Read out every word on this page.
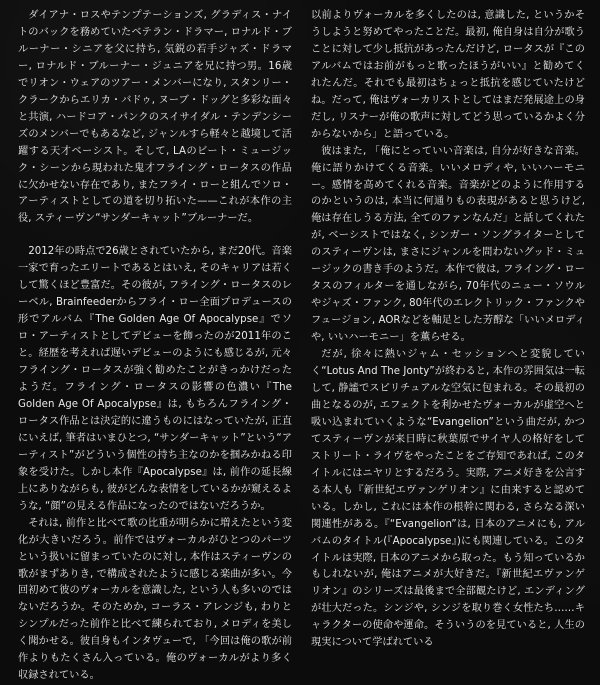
ダイアナ・ロスやテンプテーションズ, グラディス・ナイトのバックを務めていたベテラン・ドラマー, ロナルド・ブルーナー・シニアを父に持ち, 気鋭の若手ジャズ・ドラマー, ロナルド・ブルーナー・ジュニアを兄に持つ男。16歳でリオン・ウェアのツアー・メンバーになり, スタンリー・クラークからエリカ・バドゥ, ヌーブ・ドッグと多彩な面々と共演, ハードコア・パンクのスイサイダル・テンデンシーズのメンバーでもあるなど, ジャンルすら軽々と越境して活躍する天才ベーシスト。そして, LAのビート・ミュージック・シーンから現われた鬼才フライング・ロータスの作品に欠かせない存在であり, またフライ・ローと組んでソロ・アーティストとしての道を切り拓いた——これが本作の主役, スティーヴン“サンダーキャット”ブルーナーだ。

2012年の時点で26歳とされていたから, まだ20代。音楽一家で育ったエリートであるとはいえ, そのキャリアは若くして驚くほど豊富だ。その彼が, フライング・ロータスのレーベル, Brainfeederからフライ・ロー全面プロデュースの形でアルバム『The Golden Age Of Apocalypse』でソロ・アーティストとしてデビューを飾ったのが2011年のこと。経歴を考えれば遅いデビューのようにも感じるが, 元々フライング・ロータスが強く勧めたことがきっかけだったようだ。フライング・ロータスの影響の色濃い『The Golden Age Of Apocalypse』は, もちろんフライング・ロータス作品とは決定的に違うものにはなっていたが, 正直にいえば, 筆者はいまひとつ, “サンダーキャット”という“アーティスト”がどういう個性の持ち主なのかを掴みかねる印象を受けた。しかし本作『Apocalypse』は, 前作の延長線上にありながらも, 彼がどんな表情をしているかが窺えるような, “顔”の見える作品になったのではないだろうか。

それは, 前作と比べて歌の比重が明らかに増えたという変化が大きいだろう。前作ではヴォーカルがひとつのパーツという扱いに留まっていたのに対し, 本作はスティーヴンの歌がまずありき, で構成されたように感じる楽曲が多い。今回初めて彼のヴォーカルを意識した, という人も多いのではないだろうか。そのためか, コーラス・アレンジも, わりとシンプルだった前作と比べて練られており, メロディを美しく聞かせる。彼自身もインタヴューで, 「今回は俺の歌が前作よりもたくさん入っている。俺のヴォーカルがより多く収録されている。

以前よりヴォーカルを多くしたのは, 意識した, というかそうしようと努めてやったことだ。最初, 俺自身は自分が歌うことに対して少し抵抗があったんだけど, ロータスが『このアルバムではお前がもっと歌ったほうがいい』と勧めてくれたんだ。それでも最初はちょっと抵抗を感じていたけどね。だって, 俺はヴォーカリストとしてはまだ発展途上の身だし, リスナーが俺の歌声に対してどう思っているかよく分からないから」と語っている。

彼はまた, 「俺にとっていい音楽は, 自分が好きな音楽。俺に語りかけてくる音楽。いいメロディや, いいハーモニー。感情を高めてくれる音楽。音楽がどのように作用するのかというのは, 本当に何通りもの表現があると思うけど, 俺は存在しうる方法, 全てのファンなんだ」と話してくれたが, ベーシストではなく, シンガー・ソングライターとしてのスティーヴンは, まさにジャンルを問わないグッド・ミュージックの書き手のようだ。本作で彼は, フライング・ロータスのフィルターを通しながら, 70年代のニュー・ソウルやジャズ・ファンク, 80年代のエレクトリック・ファンクやフュージョン, AORなどを軸足とした芳醇な「いいメロディや, いいハーモニー」を薫らせる。

だが, 徐々に熱いジャム・セッションへと変貌していく“Lotus And The Jonty”が終わると, 本作の雰囲気は一転して, 静謐でスピリチュアルな空気に包まれる。その最初の曲となるのが, エフェクトを利かせたヴォーカルが虚空へと吸い込まれていくような“Evangelion”という曲だが, かつてスティーヴンが来日時に秋葉原でサイヤ人の格好をしてストリート・ライヴをやったことをご存知であれば, このタイトルにはニヤリとするだろう。実際, アニメ好きを公言する本人も『新世紀エヴァンゲリオン』に由来すると認めている。しかし, これには本作の根幹に関わる, さらなる深い関連性がある。『“Evangelion”は, 日本のアニメにも, アルバムのタイトル(『Apocalypse』)にも関連している。このタイトルは実際, 日本のアニメから取った。もう知っているかもしれないが, 俺はアニメが大好きだ。『新世紀エヴァンゲリオン』のシリーズは最後まで全部観たけど, エンディングが壮大だった。シンジや, シンジを取り巻く女性たち……キャラクターの使命や運命。そういうのを見ていると, 人生の現実について学ばれている
